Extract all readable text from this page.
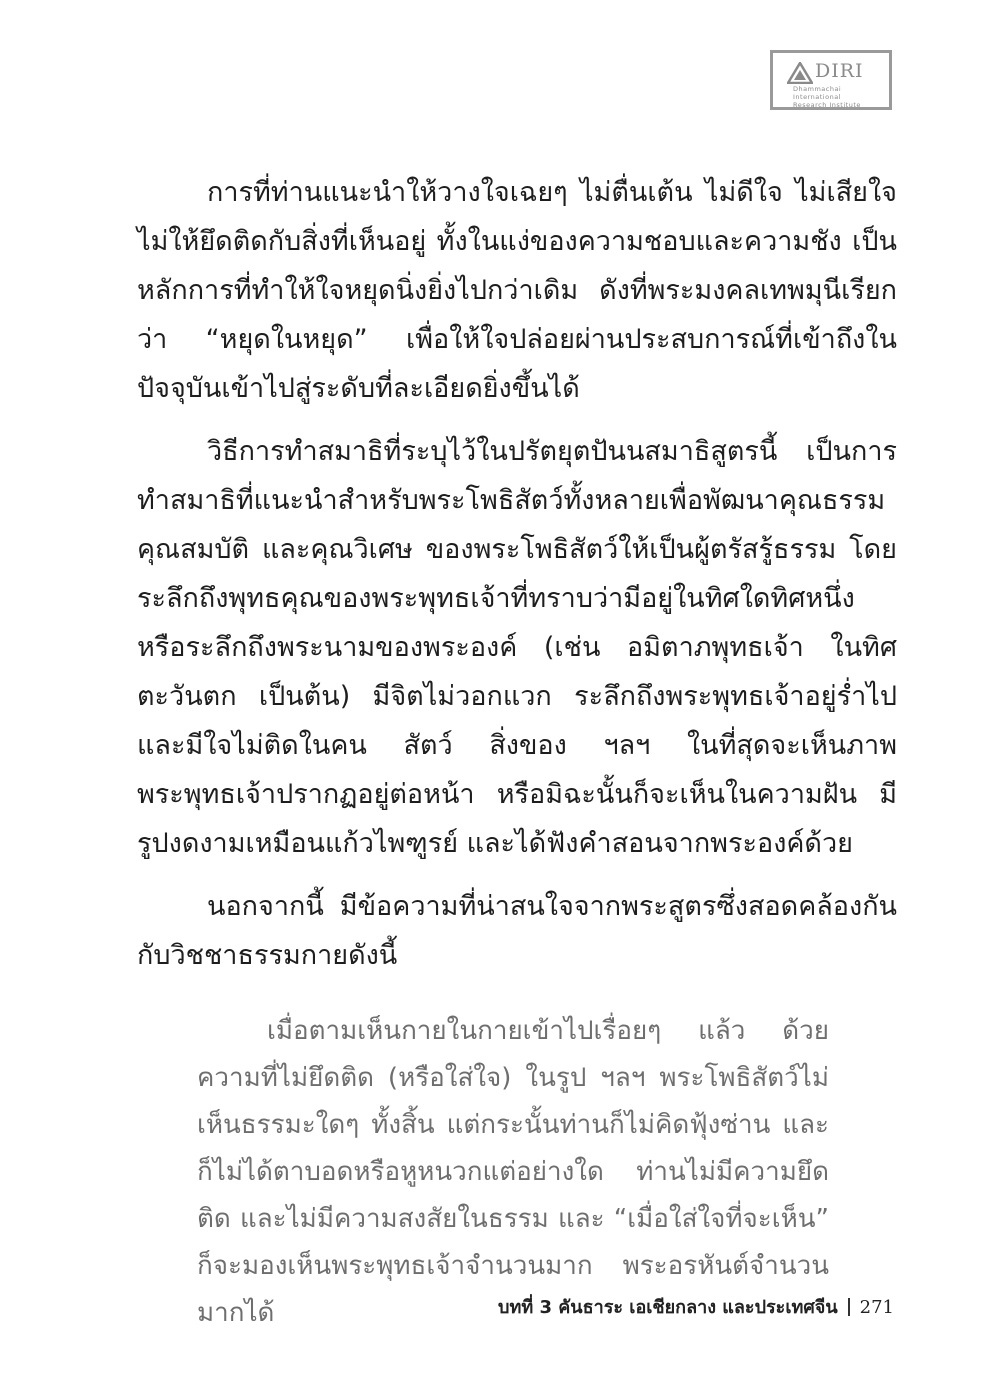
DIRI
Dhammachai International
Research Institute

การที่ท่านแนะนำให้วางใจเฉยๆ ไม่ตื่นเต้น ไม่ดีใจ ไม่เสียใจ ไม่ให้ยึดติดกับสิ่งที่เห็นอยู่ ทั้งในแง่ของความชอบและความชัง เป็นหลักการที่ทำให้ใจหยุดนิ่งยิ่งไปกว่าเดิม ดังที่พระมงคลเทพมุนีเรียกว่า “หยุดในหยุด” เพื่อให้ใจปล่อยผ่านประสบการณ์ที่เข้าถึงในปัจจุบันเข้าไปสู่ระดับที่ละเอียดยิ่งขึ้นได้

วิธีการทำสมาธิที่ระบุไว้ในปรัตยุตปันนสมาธิสูตรนี้ เป็นการทำสมาธิที่แนะนำสำหรับพระโพธิสัตว์ทั้งหลายเพื่อพัฒนาคุณธรรม คุณสมบัติ และคุณวิเศษ ของพระโพธิสัตว์ให้เป็นผู้ตรัสรู้ธรรม โดยระลึกถึงพุทธคุณของพระพุทธเจ้าที่ทราบว่ามีอยู่ในทิศใดทิศหนึ่ง หรือระลึกถึงพระนามของพระองค์ (เช่น อมิตาภพุทธเจ้า ในทิศตะวันตก เป็นต้น) มีจิตไม่วอกแวก ระลึกถึงพระพุทธเจ้าอยู่ร่ำไป และมีใจไม่ติดในคน สัตว์ สิ่งของ ฯลฯ ในที่สุดจะเห็นภาพพระพุทธเจ้าปรากฏอยู่ต่อหน้า หรือมิฉะนั้นก็จะเห็นในความฝัน มีรูปงดงามเหมือนแก้วไพฑูรย์ และได้ฟังคำสอนจากพระองค์ด้วย

นอกจากนี้ มีข้อความที่น่าสนใจจากพระสูตรซึ่งสอดคล้องกันกับวิชชาธรรมกายดังนี้

เมื่อตามเห็นกายในกายเข้าไปเรื่อยๆ แล้ว ด้วยความที่ไม่ยึดติด (หรือใส่ใจ) ในรูป ฯลฯ พระโพธิสัตว์ไม่เห็นธรรมะใดๆ ทั้งสิ้น แต่กระนั้นท่านก็ไม่คิดฟุ้งซ่าน และก็ไม่ได้ตาบอดหรือหูหนวกแต่อย่างใด ท่านไม่มีความยึดติด และไม่มีความสงสัยในธรรม และ “เมื่อใส่ใจที่จะเห็น” ก็จะมองเห็นพระพุทธเจ้าจำนวนมาก พระอรหันต์จำนวนมากได้	บทที่ 3 คันธาระ เอเชียกลาง และประเทศจีน 271
